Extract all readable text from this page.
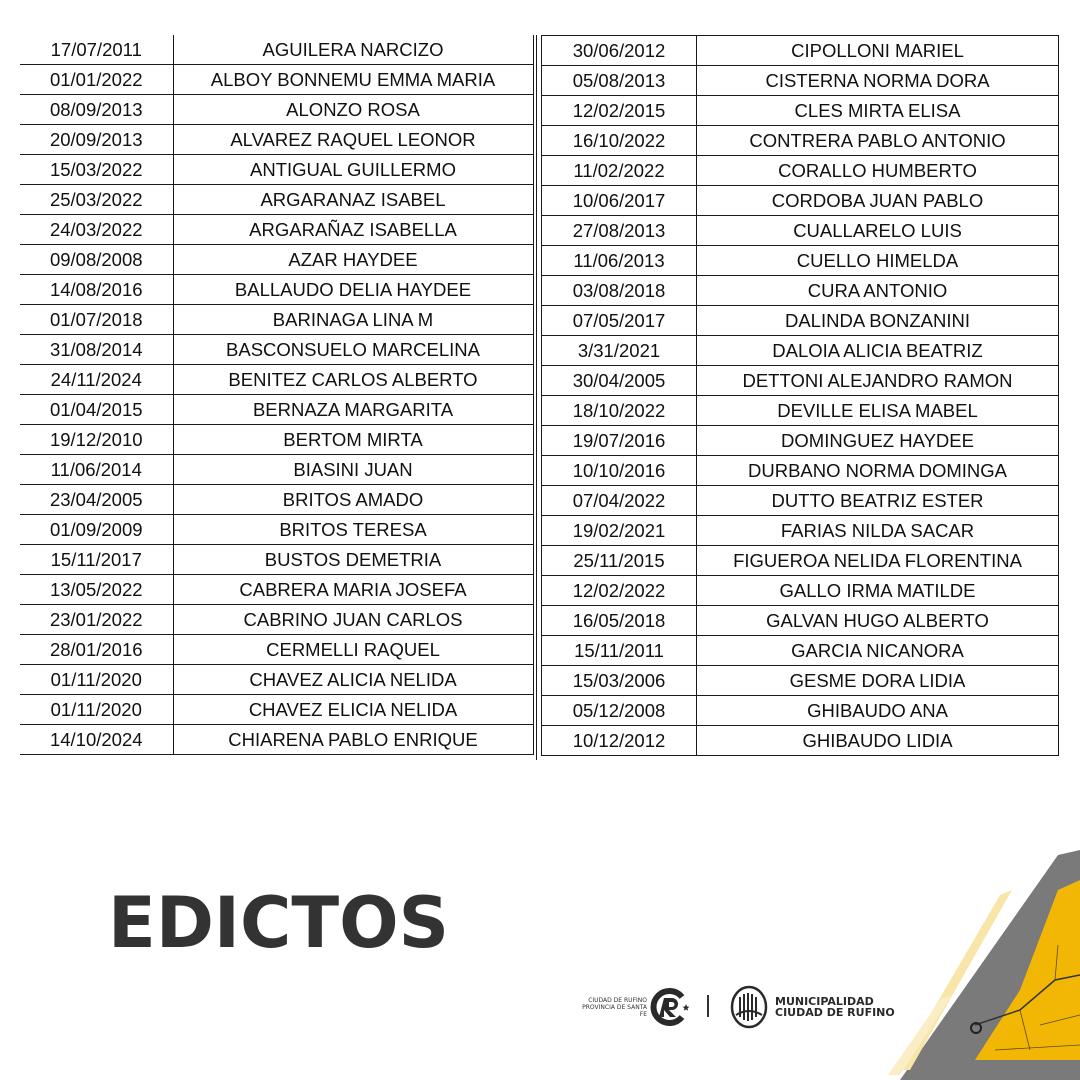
17/07/2011	AGUILERA NARCIZO
01/01/2022	ALBOY BONNEMU EMMA MARIA
08/09/2013	ALONZO ROSA
20/09/2013	ALVAREZ RAQUEL LEONOR
15/03/2022	ANTIGUAL GUILLERMO
25/03/2022	ARGARANAZ ISABEL
24/03/2022	ARGARAÑAZ ISABELLA
09/08/2008	AZAR HAYDEE
14/08/2016	BALLAUDO DELIA HAYDEE
01/07/2018	BARINAGA LINA M
31/08/2014	BASCONSUELO MARCELINA
24/11/2024	BENITEZ CARLOS ALBERTO
01/04/2015	BERNAZA MARGARITA
19/12/2010	BERTOM MIRTA
11/06/2014	BIASINI JUAN
23/04/2005	BRITOS AMADO
01/09/2009	BRITOS TERESA
15/11/2017	BUSTOS DEMETRIA
13/05/2022	CABRERA MARIA JOSEFA
23/01/2022	CABRINO JUAN CARLOS
28/01/2016	CERMELLI RAQUEL
01/11/2020	CHAVEZ ALICIA NELIDA
01/11/2020	CHAVEZ ELICIA NELIDA
14/10/2024	CHIARENA PABLO ENRIQUE
30/06/2012	CIPOLLONI MARIEL
05/08/2013	CISTERNA NORMA DORA
12/02/2015	CLES MIRTA ELISA
16/10/2022	CONTRERA PABLO ANTONIO
11/02/2022	CORALLO HUMBERTO
10/06/2017	CORDOBA JUAN PABLO
27/08/2013	CUALLARELO LUIS
11/06/2013	CUELLO HIMELDA
03/08/2018	CURA ANTONIO
07/05/2017	DALINDA BONZANINI
3/31/2021	DALOIA ALICIA BEATRIZ
30/04/2005	DETTONI ALEJANDRO RAMON
18/10/2022	DEVILLE ELISA MABEL
19/07/2016	DOMINGUEZ HAYDEE
10/10/2016	DURBANO NORMA DOMINGA
07/04/2022	DUTTO BEATRIZ ESTER
19/02/2021	FARIAS NILDA SACAR
25/11/2015	FIGUEROA NELIDA FLORENTINA
12/02/2022	GALLO IRMA MATILDE
16/05/2018	GALVAN HUGO ALBERTO
15/11/2011	GARCIA NICANORA
15/03/2006	GESME DORA LIDIA
05/12/2008	GHIBAUDO ANA
10/12/2012	GHIBAUDO LIDIA
EDICTOS
CIUDAD DE RUFINO
PROVINCIA DE SANTA FE
MUNICIPALIDAD
CIUDAD DE RUFINO
